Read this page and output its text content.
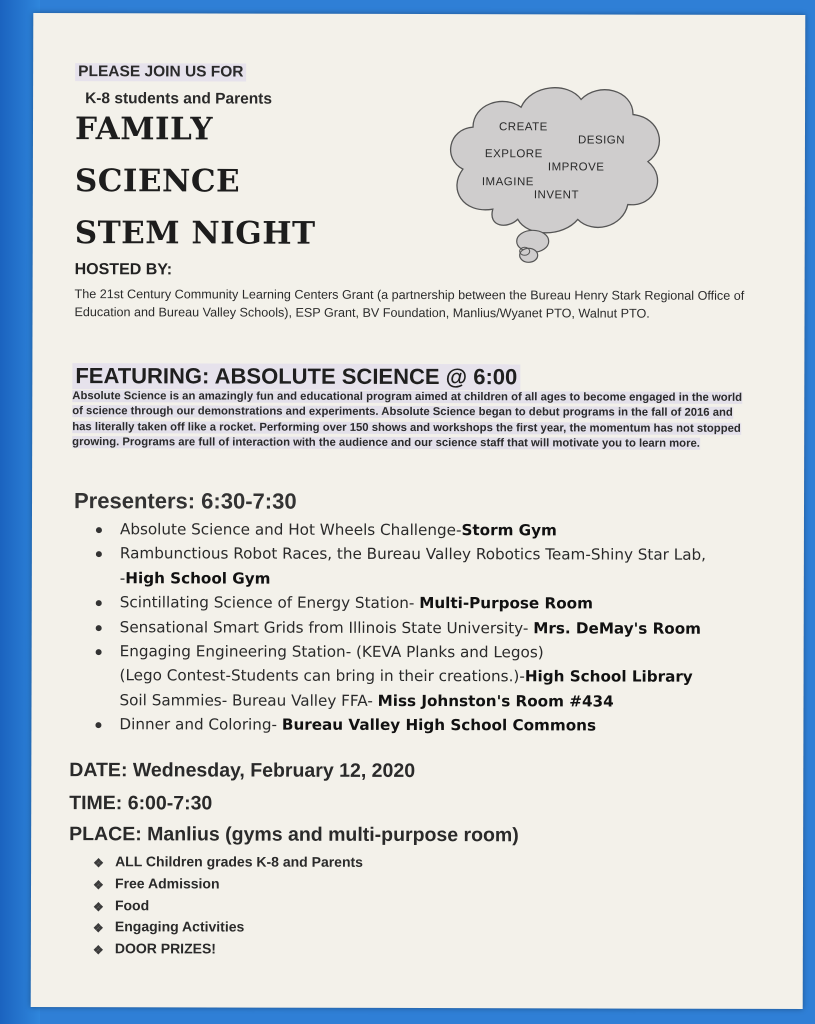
PLEASE JOIN US FOR
K-8 students and Parents
FAMILY
SCIENCE
STEM NIGHT
CREATE
DESIGN
EXPLORE
IMPROVE
IMAGINE
INVENT
HOSTED BY:
The 21st Century Community Learning Centers Grant (a partnership between the Bureau Henry Stark Regional Office of Education and Bureau Valley Schools), ESP Grant, BV Foundation, Manlius/Wyanet PTO, Walnut PTO.
FEATURING: ABSOLUTE SCIENCE @ 6:00
Absolute Science is an amazingly fun and educational program aimed at children of all ages to become engaged in the world of science through our demonstrations and experiments. Absolute Science began to debut programs in the fall of 2016 and has literally taken off like a rocket. Performing over 150 shows and workshops the first year, the momentum has not stopped growing. Programs are full of interaction with the audience and our science staff that will motivate you to learn more.
Presenters: 6:30-7:30
Absolute Science and Hot Wheels Challenge-Storm Gym
Rambunctious Robot Races, the Bureau Valley Robotics Team-Shiny Star Lab,
-High School Gym
Scintillating Science of Energy Station- Multi-Purpose Room
Sensational Smart Grids from Illinois State University- Mrs. DeMay's Room
Engaging Engineering Station- (KEVA Planks and Legos)
(Lego Contest-Students can bring in their creations.)-High School Library
Soil Sammies- Bureau Valley FFA- Miss Johnston's Room #434
Dinner and Coloring- Bureau Valley High School Commons
DATE: Wednesday, February 12, 2020
TIME: 6:00-7:30
PLACE: Manlius (gyms and multi-purpose room)
❖ ALL Children grades K-8 and Parents
❖ Free Admission
❖ Food
❖ Engaging Activities
❖ DOOR PRIZES!
